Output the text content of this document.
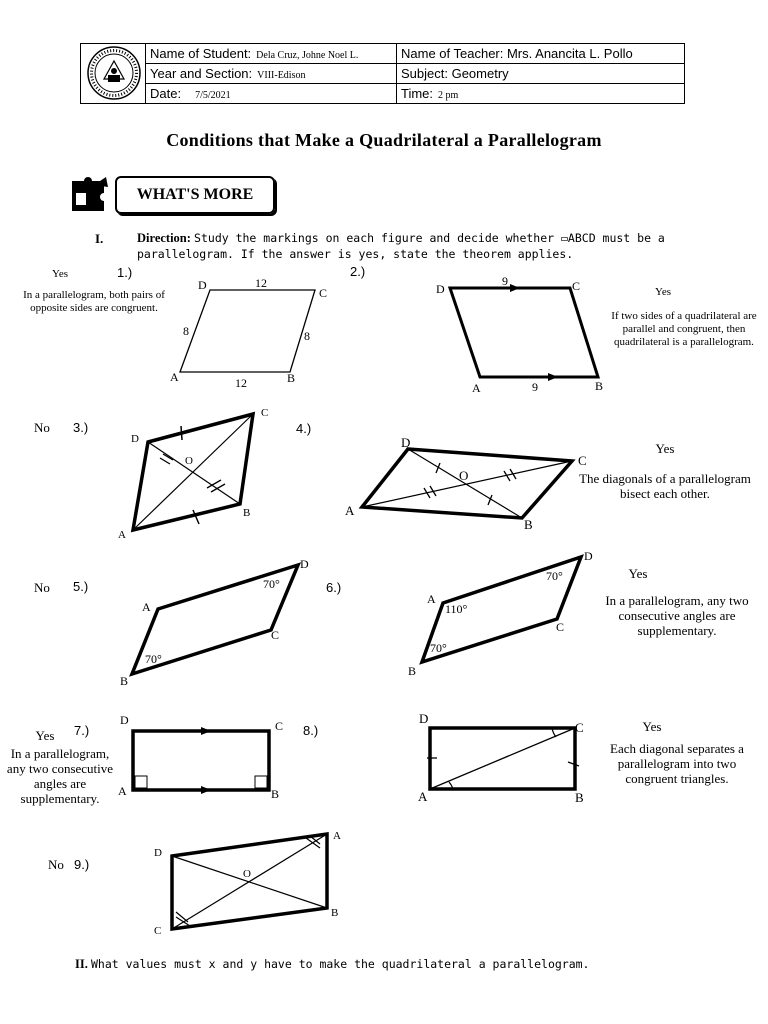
	Name of Student: Dela Cruz, Johne Noel L.	Name of Teacher: Mrs. Anancita L. Pollo
	Year and Section: VIII-Edison	Subject: Geometry
	Date: 7/5/2021	Time: 2 pm
Conditions that Make a Quadrilateral a Parallelogram
WHAT'S MORE
I.	Direction: Study the markings on each figure and decide whether ▭ABCD must be a parallelogram. If the answer is yes, state the theorem applies.
Yes	1.)
In a parallelogram, both pairs of opposite sides are congruent.
D
C
A	B
12
12
8	8
2.)
D	C
A	B
9
9
Yes
If two sides of a quadrilateral are parallel and congruent, then quadrilateral is a parallelogram.
No	3.)
D
C
A
B
O
4.)
D
C
A
B
O
Yes
The diagonals of a parallelogram bisect each other.
No	5.)
A
D
C
B
70°
70°
6.)
A
D
C
B
70°
110°
70°
Yes
In a parallelogram, any two consecutive angles are supplementary.
Yes	7.)
In a parallelogram, any two consecutive angles are supplementary.
D	C
A	B
8.)
D
C
A	B
Yes
Each diagonal separates a parallelogram into two congruent triangles.
No 9.)
D
A
C
B
O
II. What values must x and y have to make the quadrilateral a parallelogram.
